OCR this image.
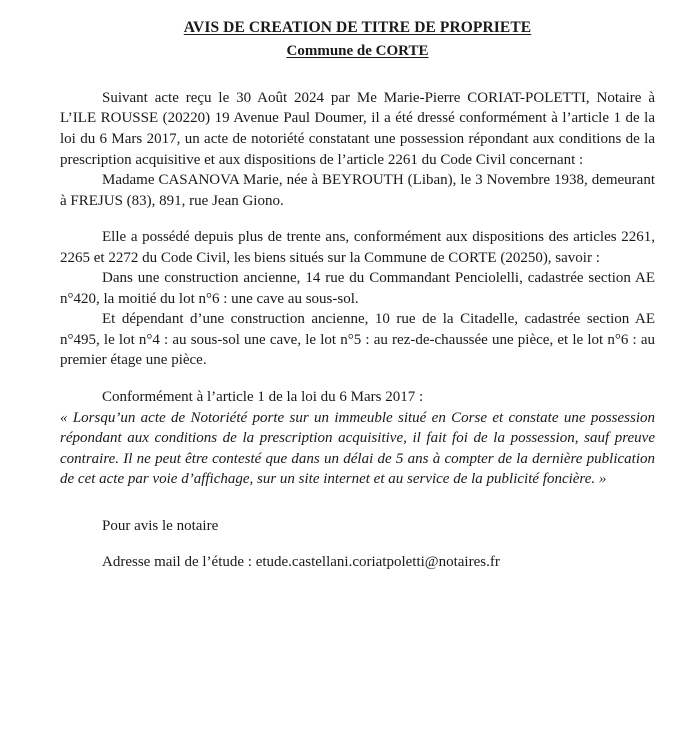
AVIS DE CREATION DE TITRE DE PROPRIETE
Commune de CORTE

Suivant acte reçu le 30 Août 2024 par Me Marie-Pierre CORIAT-POLETTI, Notaire à L’ILE ROUSSE (20220) 19 Avenue Paul Doumer, il a été dressé conformément à l’article 1 de la loi du 6 Mars 2017, un acte de notoriété constatant une possession répondant aux conditions de la prescription acquisitive et aux dispositions de l’article 2261 du Code Civil concernant :

Madame CASANOVA Marie, née à BEYROUTH (Liban), le 3 Novembre 1938, demeurant à FREJUS (83), 891, rue Jean Giono.

Elle a possédé depuis plus de trente ans, conformément aux dispositions des articles 2261, 2265 et 2272 du Code Civil, les biens situés sur la Commune de CORTE (20250), savoir :

Dans une construction ancienne, 14 rue du Commandant Penciolelli, cadastrée section AE n°420, la moitié du lot n°6 : une cave au sous-sol.

Et dépendant d’une construction ancienne, 10 rue de la Citadelle, cadastrée section AE n°495, le lot n°4 : au sous-sol une cave, le lot n°5 : au rez-de-chaussée une pièce, et le lot n°6 : au premier étage une pièce.

Conformément à l’article 1 de la loi du 6 Mars 2017 :

« Lorsqu’un acte de Notoriété porte sur un immeuble situé en Corse et constate une possession répondant aux conditions de la prescription acquisitive, il fait foi de la possession, sauf preuve contraire. Il ne peut être contesté que dans un délai de 5 ans à compter de la dernière publication de cet acte par voie d’affichage, sur un site internet et au service de la publicité foncière. »

Pour avis le notaire

Adresse mail de l’étude : etude.castellani.coriatpoletti@notaires.fr
